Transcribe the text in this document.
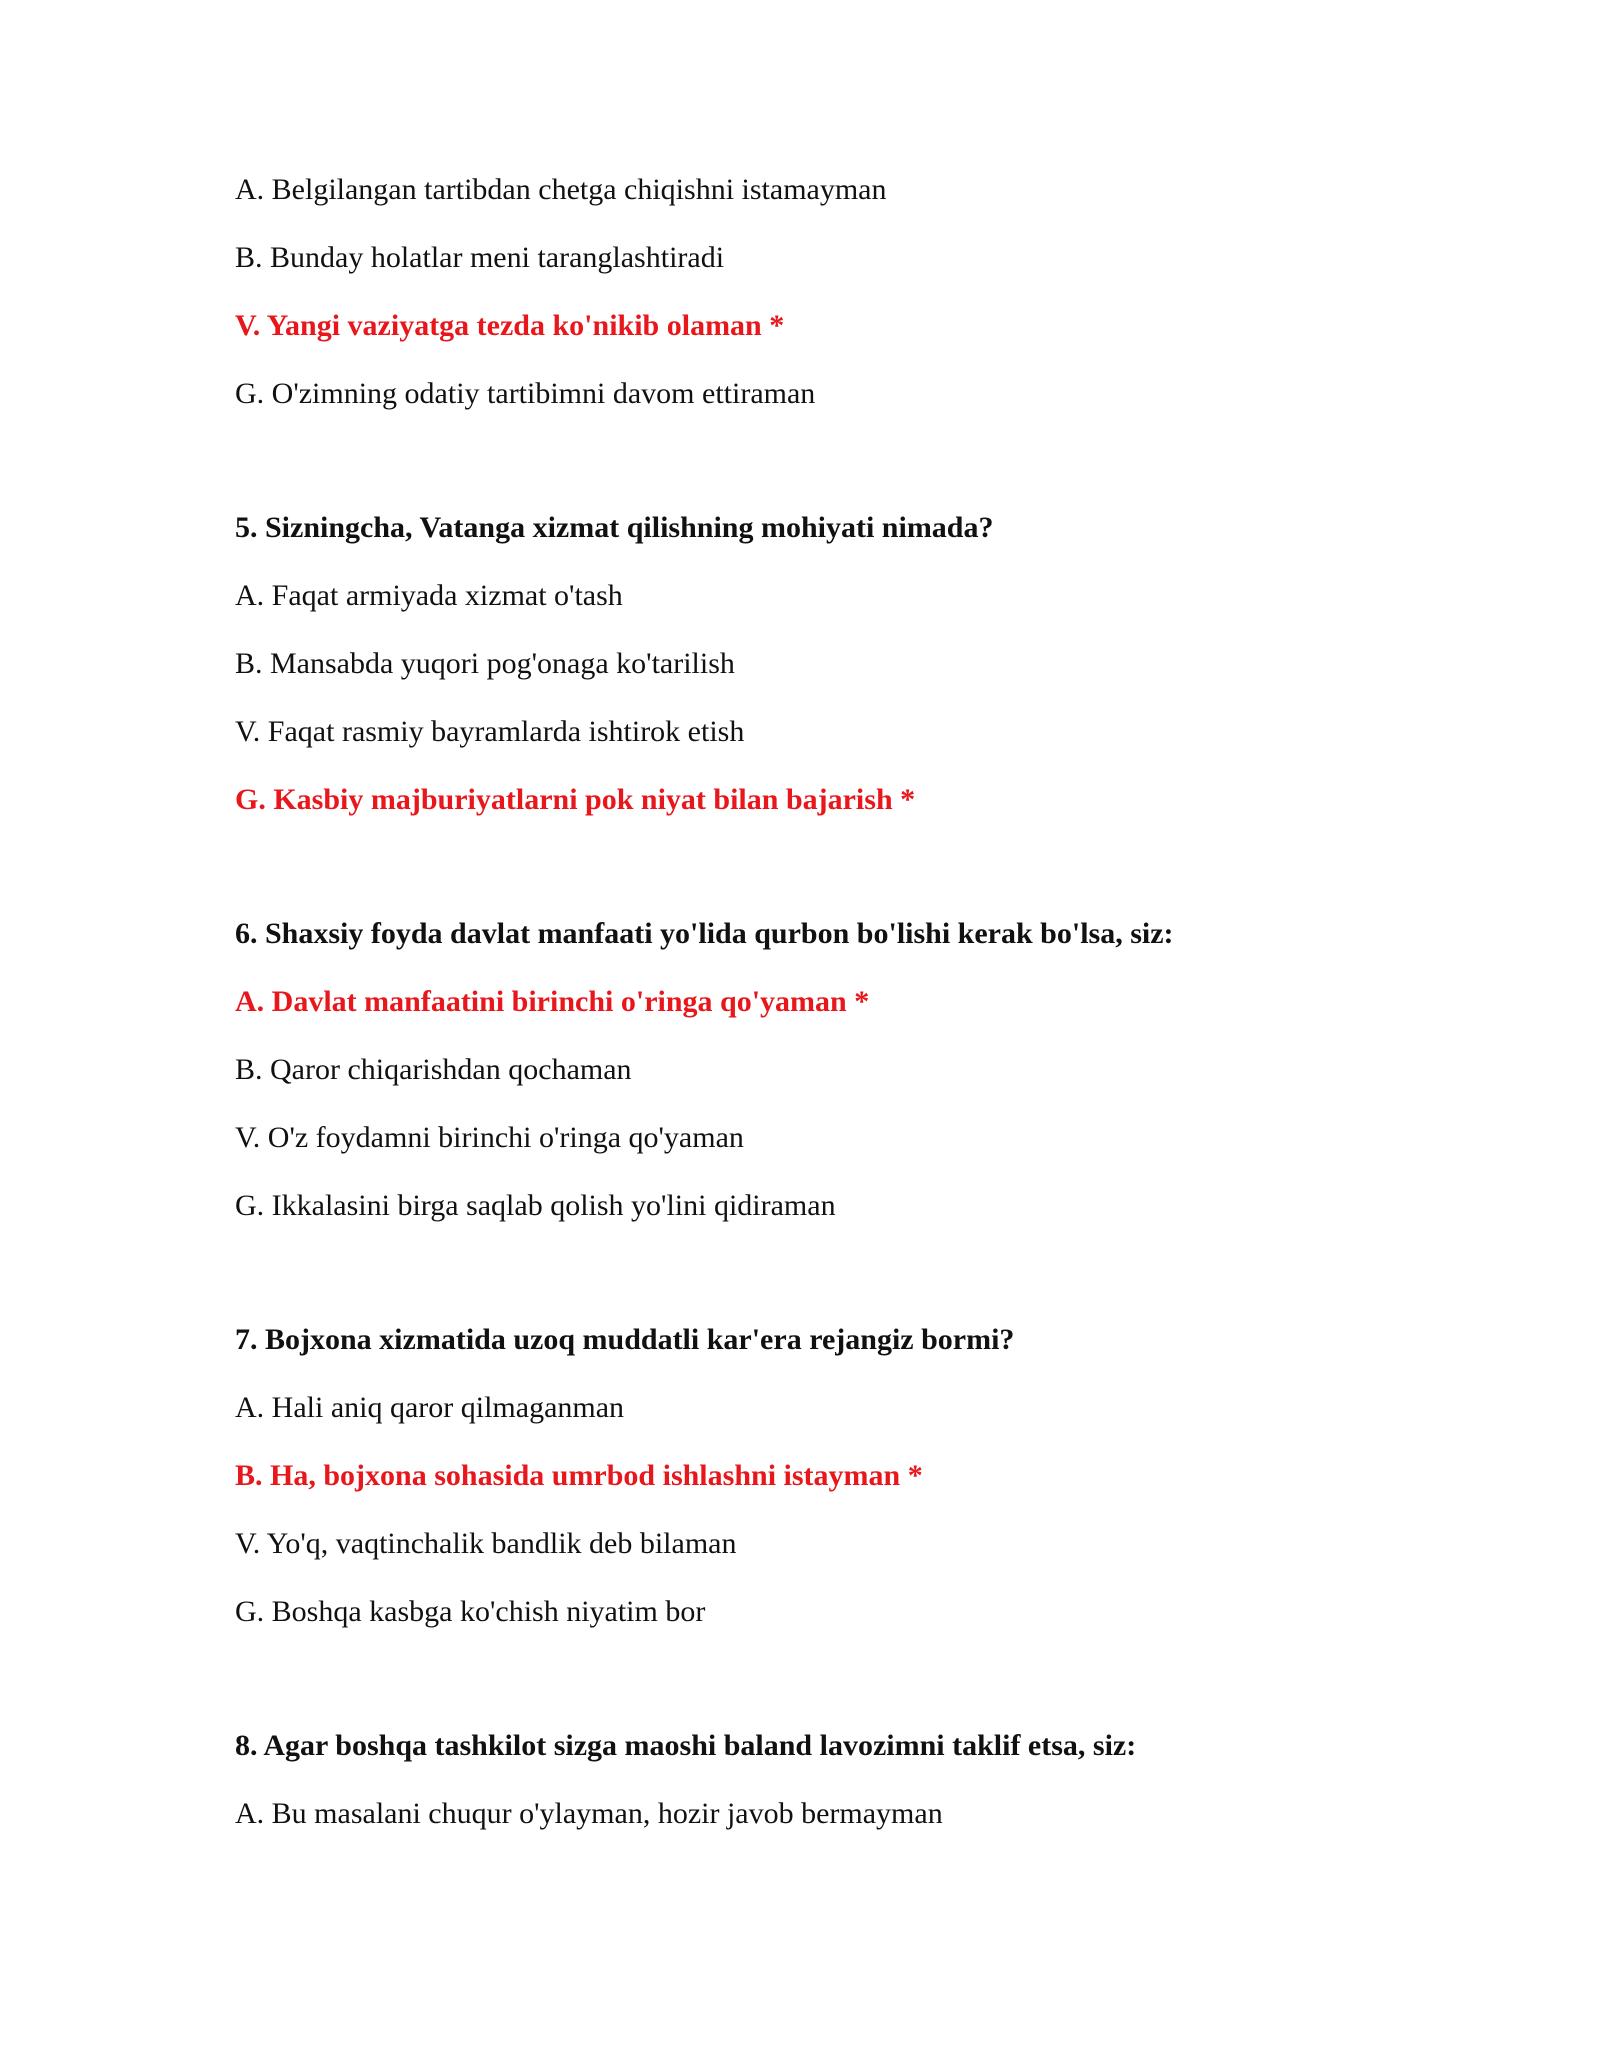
A. Belgilangan tartibdan chetga chiqishni istamayman
B. Bunday holatlar meni taranglashtiradi
V. Yangi vaziyatga tezda ko'nikib olaman *
G. O'zimning odatiy tartibimni davom ettiraman
5. Sizningcha, Vatanga xizmat qilishning mohiyati nimada?
A. Faqat armiyada xizmat o'tash
B. Mansabda yuqori pog'onaga ko'tarilish
V. Faqat rasmiy bayramlarda ishtirok etish
G. Kasbiy majburiyatlarni pok niyat bilan bajarish *
6. Shaxsiy foyda davlat manfaati yo'lida qurbon bo'lishi kerak bo'lsa, siz:
A. Davlat manfaatini birinchi o'ringa qo'yaman *
B. Qaror chiqarishdan qochaman
V. O'z foydamni birinchi o'ringa qo'yaman
G. Ikkalasini birga saqlab qolish yo'lini qidiraman
7. Bojxona xizmatida uzoq muddatli kar'era rejangiz bormi?
A. Hali aniq qaror qilmaganman
B. Ha, bojxona sohasida umrbod ishlashni istayman *
V. Yo'q, vaqtinchalik bandlik deb bilaman
G. Boshqa kasbga ko'chish niyatim bor
8. Agar boshqa tashkilot sizga maoshi baland lavozimni taklif etsa, siz:
A. Bu masalani chuqur o'ylayman, hozir javob bermayman
